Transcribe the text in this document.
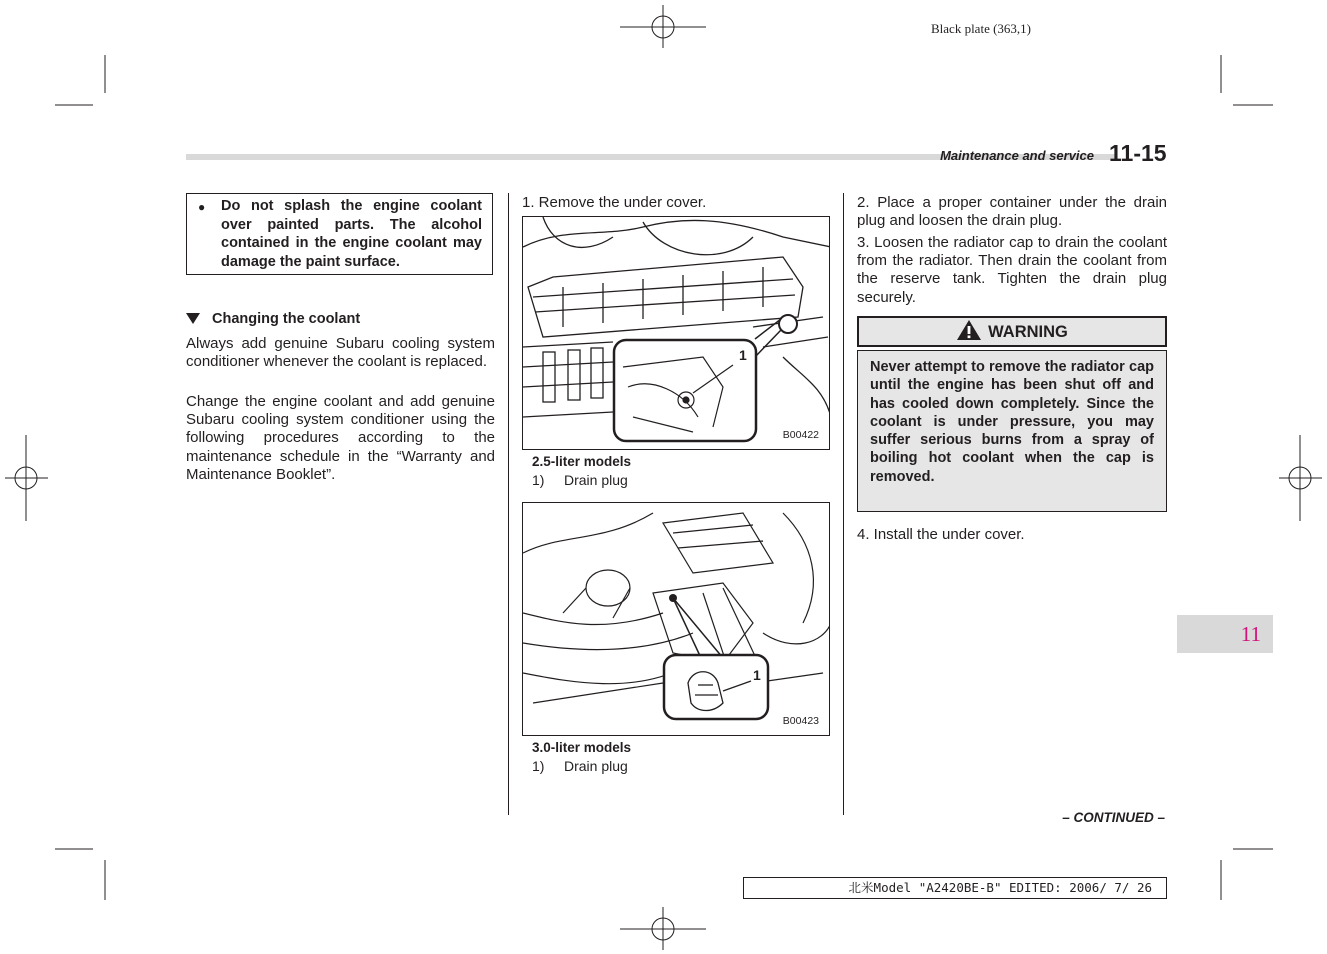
Black plate (363,1)
Maintenance and service 11-15
● Do not splash the engine coolant over painted parts. The alcohol contained in the engine coolant may damage the paint surface.
Changing the coolant
Always add genuine Subaru cooling system conditioner whenever the coolant is replaced.
Change the engine coolant and add genuine Subaru cooling system conditioner using the following procedures according to the maintenance schedule in the “Warranty and Maintenance Booklet”.
1. Remove the under cover.
1
B00422
2.5-liter models
1) Drain plug
1
B00423
3.0-liter models
1) Drain plug
2. Place a proper container under the drain plug and loosen the drain plug.
3. Loosen the radiator cap to drain the coolant from the radiator. Then drain the coolant from the reserve tank. Tighten the drain plug securely.
WARNING
Never attempt to remove the radiator cap until the engine has been shut off and has cooled down completely. Since the coolant is under pressure, you may suffer serious burns from a spray of boiling hot coolant when the cap is removed.
4. Install the under cover.
– CONTINUED –
11
北米Model "A2420BE-B" EDITED: 2006/ 7/ 26
